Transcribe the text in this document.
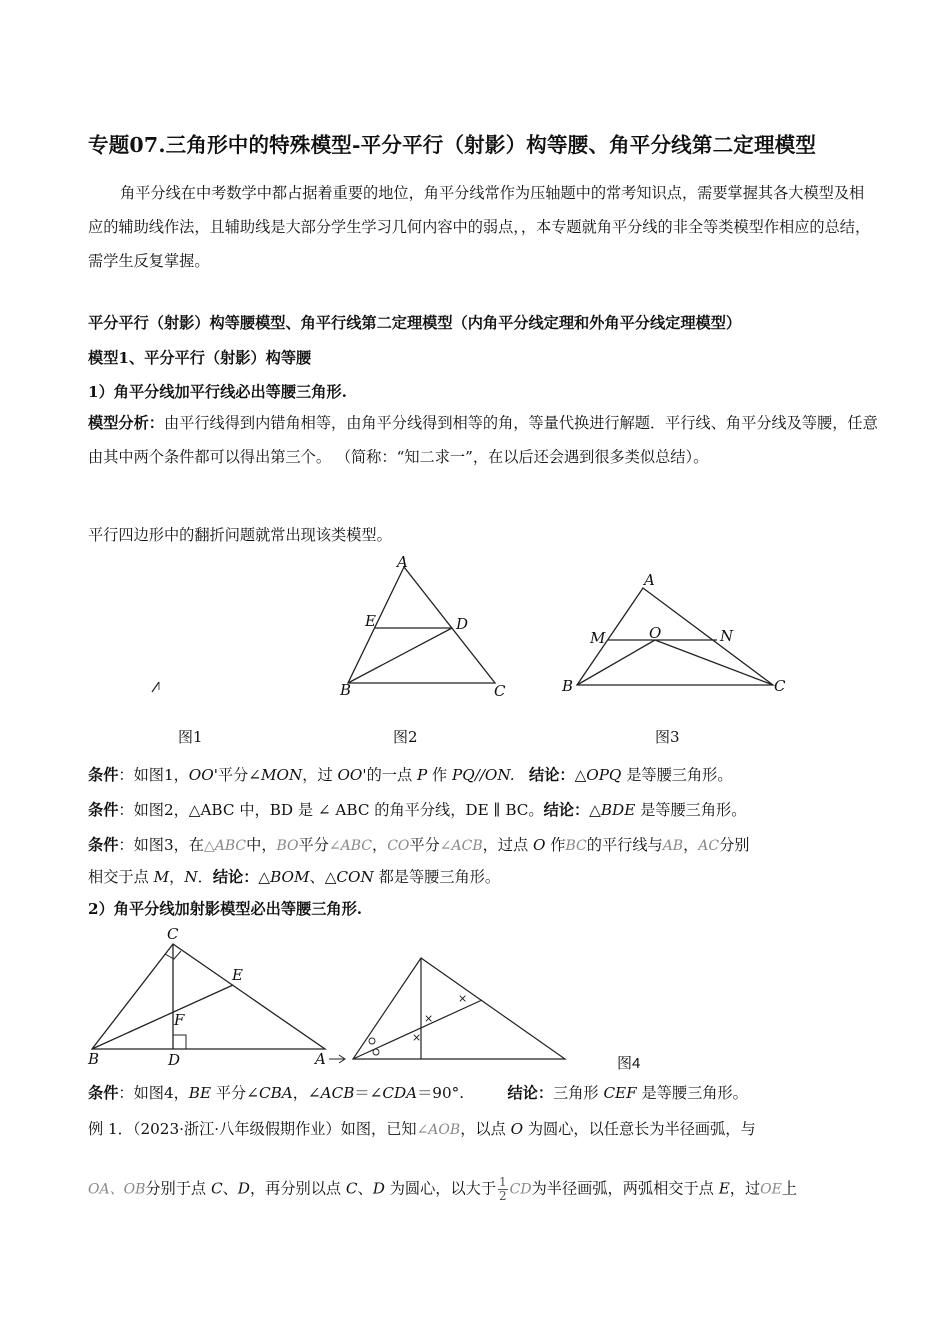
专题07.三角形中的特殊模型-平分平行（射影）构等腰、角平分线第二定理模型
角平分线在中考数学中都占据着重要的地位，角平分线常作为压轴题中的常考知识点，需要掌握其各大模型及相应的辅助线作法，且辅助线是大部分学生学习几何内容中的弱点，，本专题就角平分线的非全等类模型作相应的总结，需学生反复掌握。
平分平行（射影）构等腰模型、角平行线第二定理模型（内角平分线定理和外角平分线定理模型）
模型1、平分平行（射影）构等腰
1）角平分线加平行线必出等腰三角形.
模型分析：由平行线得到内错角相等，由角平分线得到相等的角，等量代换进行解题．平行线、角平分线及等腰，任意由其中两个条件都可以得出第三个。 （简称：“知二求一”，在以后还会遇到很多类似总结）。
平行四边形中的翻折问题就常出现该类模型。
A
E	D
B	C
A
M	O	N
B	C
图1	图2	图3
条件：如图1，OO'平分∠MON，过 OO'的一点 P 作 PQ//ON. 结论：△OPQ 是等腰三角形。
条件：如图2，△ABC 中，BD 是 ∠ ABC 的角平分线，DE ∥ BC。结论：△BDE 是等腰三角形。
条件：如图3，在△ABC中，BO平分∠ABC，CO平分∠ACB，过点 O 作BC的平行线与AB，AC分别
相交于点 M，N．结论：△BOM、△CON 都是等腰三角形。
2）角平分线加射影模型必出等腰三角形.
C
E
F
B	D	A
×
×
×
图4
条件：如图4，BE 平分∠CBA，∠ACB＝∠CDA＝90°.	结论：三角形 CEF 是等腰三角形。
例 1．（2023·浙江·八年级假期作业）如图，已知∠AOB，以点 O 为圆心，以任意长为半径画弧，与
OA、OB分别于点 C、D，再分别以点 C、D 为圆心，以大于 $\frac{1}{2}$ CD为半径画弧，两弧相交于点 E，过OE上
